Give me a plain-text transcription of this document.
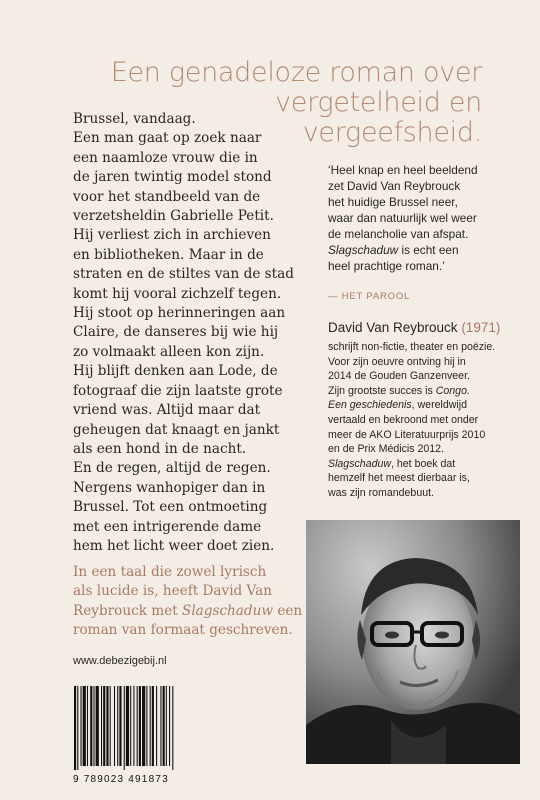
Een genadeloze roman over
vergetelheid en
vergeefsheid.
Brussel, vandaag.
Een man gaat op zoek naar
een naamloze vrouw die in
de jaren twintig model stond
voor het standbeeld van de
verzetsheldin Gabrielle Petit.
Hij verliest zich in archieven
en bibliotheken. Maar in de
straten en de stiltes van de stad
komt hij vooral zichzelf tegen.
Hij stoot op herinneringen aan
Claire, de danseres bij wie hij
zo volmaakt alleen kon zijn.
Hij blijft denken aan Lode, de
fotograaf die zijn laatste grote
vriend was. Altijd maar dat
geheugen dat knaagt en jankt
als een hond in de nacht.
En de regen, altijd de regen.
Nergens wanhopiger dan in
Brussel. Tot een ontmoeting
met een intrigerende dame
hem het licht weer doet zien.
In een taal die zowel lyrisch
als lucide is, heeft David Van
Reybrouck met Slagschaduw een
roman van formaat geschreven.
www.debezigebij.nl
9 789023 491873
‘Heel knap en heel beeldend
zet David Van Reybrouck
het huidige Brussel neer,
waar dan natuurlijk wel weer
de melancholie van afspat.
Slagschaduw is echt een
heel prachtige roman.’
— HET PAROOL
David Van Reybrouck (1971)
schrijft non-fictie, theater en poëzie.
Voor zijn oeuvre ontving hij in
2014 de Gouden Ganzenveer.
Zijn grootste succes is Congo.
Een geschiedenis, wereldwijd
vertaald en bekroond met onder
meer de AKO Literatuurprijs 2010
en de Prix Médicis 2012.
Slagschaduw, het boek dat
hemzelf het meest dierbaar is,
was zijn romandebuut.
